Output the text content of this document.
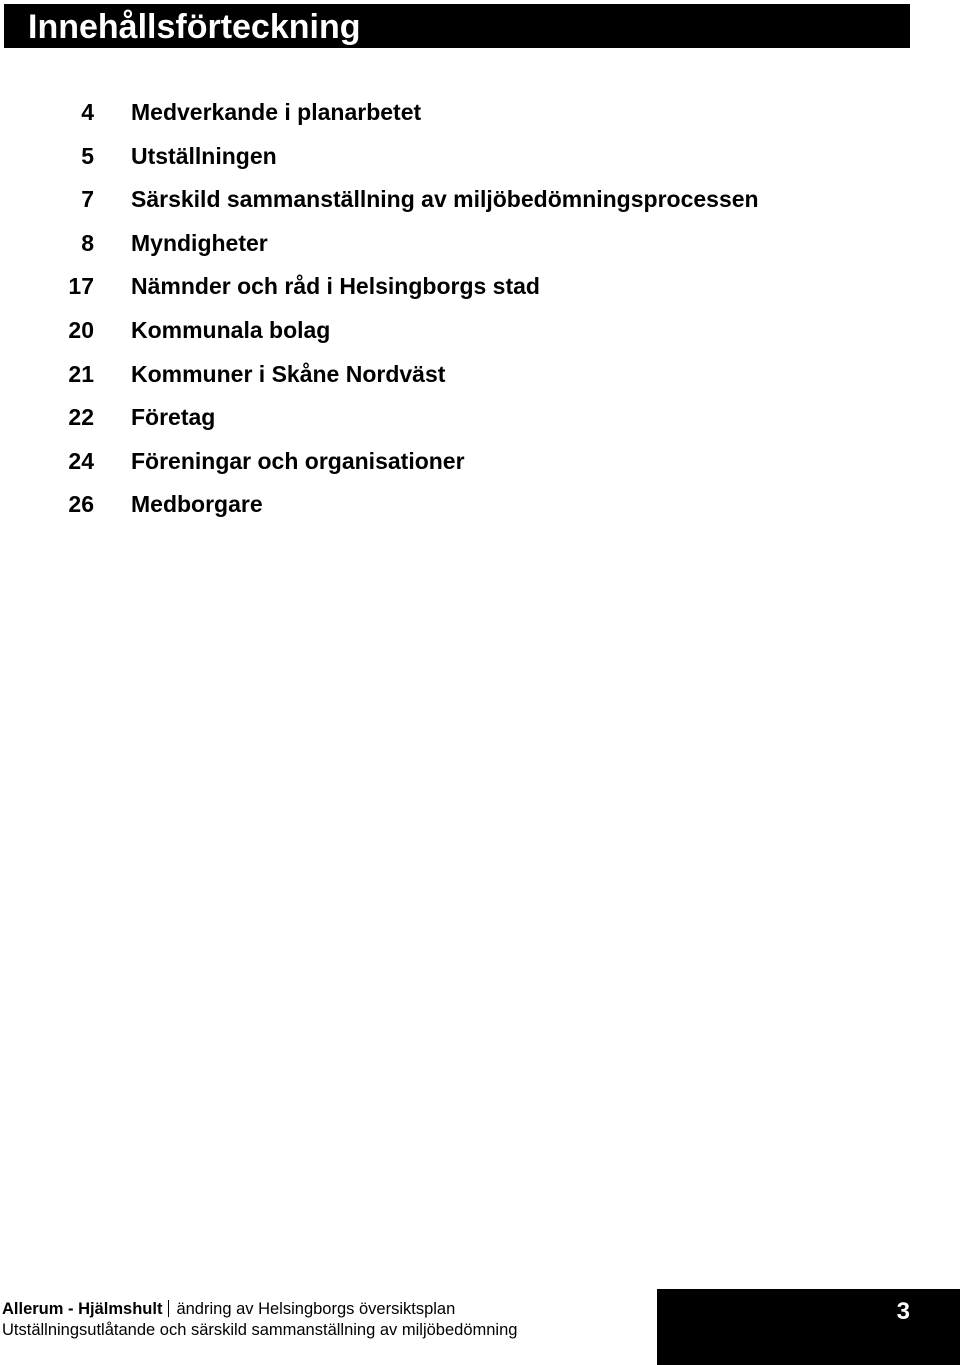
Innehållsförteckning
4 Medverkande i planarbetet
5 Utställningen
7 Särskild sammanställning av miljöbedömningsprocessen
8 Myndigheter
17 Nämnder och råd i Helsingborgs stad
20 Kommunala bolag
21 Kommuner i Skåne Nordväst
22 Företag
24 Föreningar och organisationer
26 Medborgare
Allerum - Hjälmshult ändring av Helsingborgs översiktsplan
Utställningsutlåtande och särskild sammanställning av miljöbedömning
3
